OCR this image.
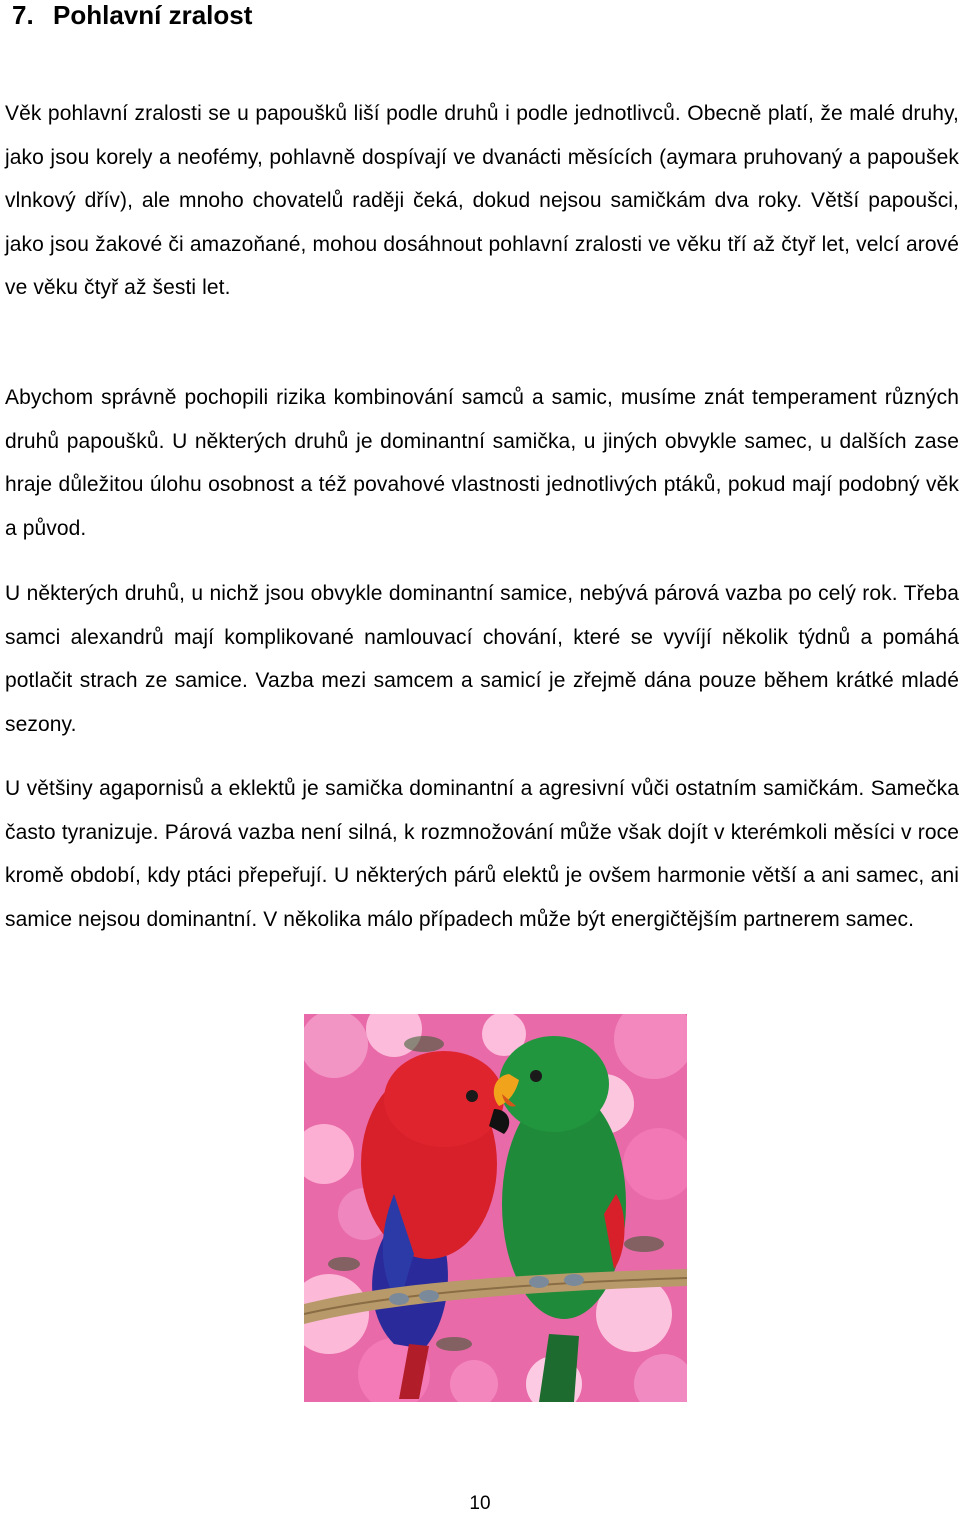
7. Pohlavní zralost

Věk pohlavní zralosti se u papoušků liší podle druhů i podle jednotlivců. Obecně platí, že malé druhy, jako jsou korely a neofémy, pohlavně dospívají ve dvanácti měsících (aymara pruhovaný a papoušek vlnkový dřív), ale mnoho chovatelů raději čeká, dokud nejsou samičkám dva roky. Větší papoušci, jako jsou žakové či amazoňané, mohou dosáhnout pohlavní zralosti ve věku tří až čtyř let, velcí arové ve věku čtyř až šesti let.

Abychom správně pochopili rizika kombinování samců a samic, musíme znát temperament různých druhů papoušků. U některých druhů je dominantní samička, u jiných obvykle samec, u dalších zase hraje důležitou úlohu osobnost a též povahové vlastnosti jednotlivých ptáků, pokud mají podobný věk a původ.

U některých druhů, u nichž jsou obvykle dominantní samice, nebývá párová vazba po celý rok. Třeba samci alexandrů mají komplikované namlouvací chování, které se vyvíjí několik týdnů a pomáhá potlačit strach ze samice. Vazba mezi samcem a samicí je zřejmě dána pouze během krátké mladé sezony.

U většiny agapornisů a eklektů je samička dominantní a agresivní vůči ostatním samičkám. Samečka často tyranizuje. Párová vazba není silná, k rozmnožování může však dojít v kterémkoli měsíci v roce kromě období, kdy ptáci přepeřují. U některých párů elektů je ovšem harmonie větší a ani samec, ani samice nejsou dominantní. V několika málo případech může být energičtějším partnerem samec.

10
